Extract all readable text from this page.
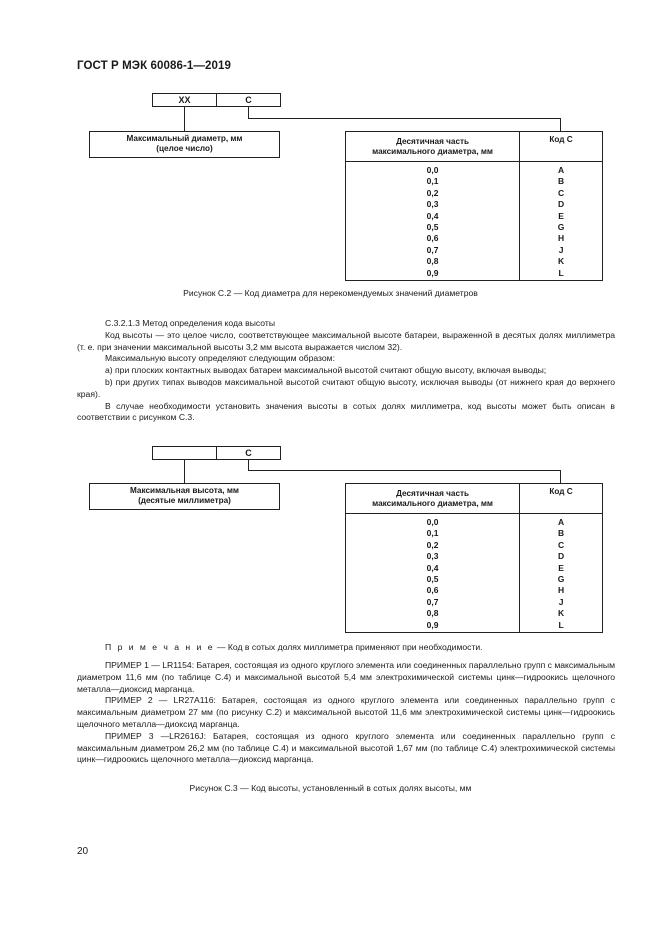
ГОСТ Р МЭК 60086-1—2019
XX	C
Максимальный диаметр, мм
(целое число)
Десятичная часть
максимального диаметра, мм	Код C
0,0	A
0,1	B
0,2	C
0,3	D
0,4	E
0,5	G
0,6	H
0,7	J
0,8	K
0,9	L
Рисунок С.2 — Код диаметра для нерекомендуемых значений диаметров

C.3.2.1.3 Метод определения кода высоты

Код высоты — это целое число, соответствующее максимальной высоте батареи, выраженной в десятых долях миллиметра (т. е. при значении максимальной высоты 3,2 мм высота выражается числом 32).

Максимальную высоту определяют следующим образом:

a) при плоских контактных выводах батареи максимальной высотой считают общую высоту, включая выводы;

b) при других типах выводов максимальной высотой считают общую высоту, исключая выводы (от нижнего края до верхнего края).

В случае необходимости установить значения высоты в сотых долях миллиметра, код высоты может быть описан в соответствии с рисунком С.3.

C
Максимальная высота, мм
(десятые миллиметра)
Десятичная часть
максимального диаметра, мм	Код C
0,0	A
0,1	B
0,2	C
0,3	D
0,4	E
0,5	G
0,6	H
0,7	J
0,8	K
0,9	L
П р и м е ч а н и е — Код в сотых долях миллиметра применяют при необходимости.

ПРИМЕР 1 — LR1154: Батарея, состоящая из одного круглого элемента или соединенных параллельно групп с максимальным диаметром 11,6 мм (по таблице С.4) и максимальной высотой 5,4 мм электрохимической системы цинк—гидроокись щелочного металла—диоксид марганца.

ПРИМЕР 2 — LR27A116: Батарея, состоящая из одного круглого элемента или соединенных параллельно групп с максимальным диаметром 27 мм (по рисунку С.2) и максимальной высотой 11,6 мм электрохимической системы цинк—гидроокись щелочного металла—диоксид марганца.

ПРИМЕР 3 —LR2616J: Батарея, состоящая из одного круглого элемента или соединенных параллельно групп с максимальным диаметром 26,2 мм (по таблице С.4) и максимальной высотой 1,67 мм (по таблице С.4) электрохимической системы цинк—гидроокись щелочного металла—диоксид марганца.

Рисунок С.3 — Код высоты, установленный в сотых долях высоты, мм
20
